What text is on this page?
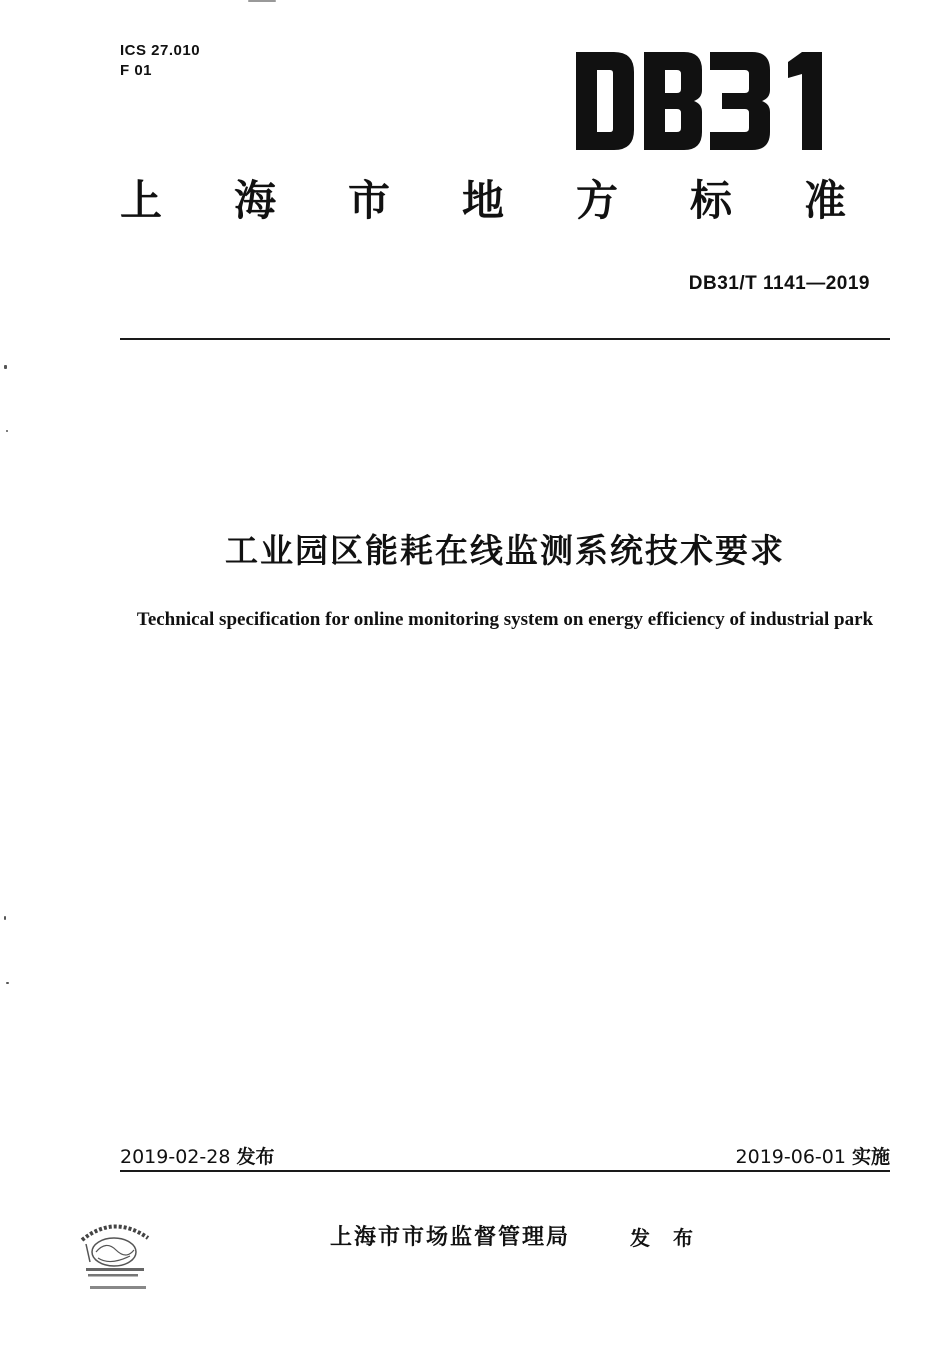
ICS 27.010
F 01
上海市地方标准
DB31/T 1141—2019
工业园区能耗在线监测系统技术要求
Technical specification for online monitoring system on energy efficiency of industrial park
2019-02-28 发布	2019-06-01 实施
上海市市场监督管理局	发 布
